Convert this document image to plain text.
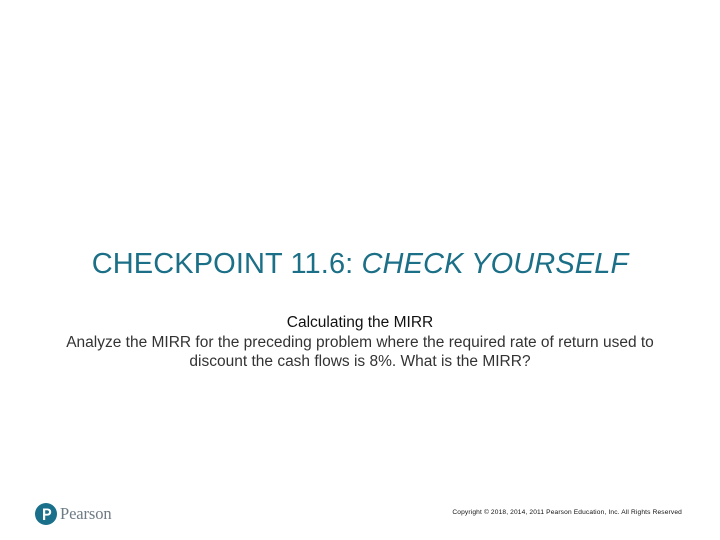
CHECKPOINT 11.6: CHECK YOURSELF
Calculating the MIRR
Analyze the MIRR for the preceding problem where the required rate of return used to
discount the cash flows is 8%. What is the MIRR?
Pearson	Copyright © 2018, 2014, 2011 Pearson Education, Inc. All Rights Reserved
